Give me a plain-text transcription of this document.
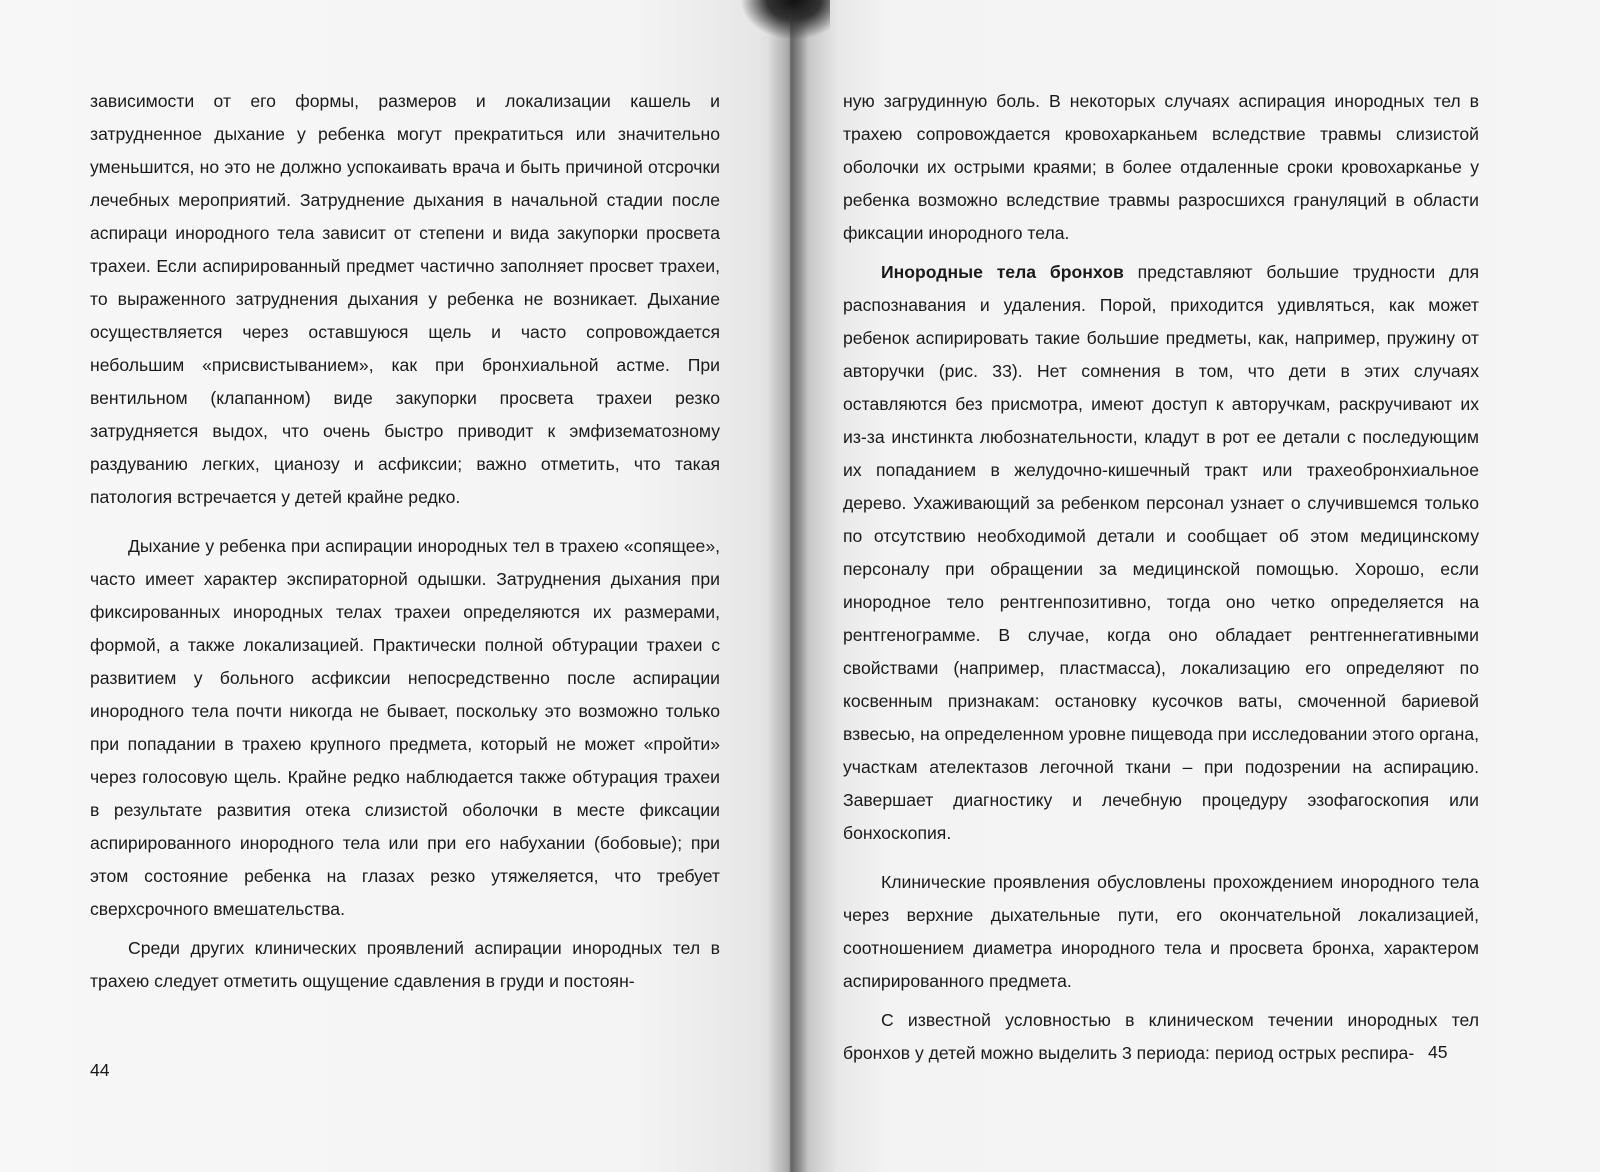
зависимости от его формы, размеров и локализации кашель и затрудненное дыхание у ребенка могут прекратиться или значительно уменьшится, но это не должно успокаивать врача и быть причиной отсрочки лечебных мероприятий. Затруднение дыхания в начальной стадии после аспираци инородного тела зависит от степени и вида закупорки просвета трахеи. Если аспирированный предмет частично заполняет просвет трахеи, то выраженного затруднения дыхания у ребенка не возникает. Дыхание осуществляется через оставшуюся щель и часто сопровождается небольшим «присвистыванием», как при бронхиальной астме. При вентильном (клапанном) виде закупорки просвета трахеи резко затрудняется выдох, что очень быстро приводит к эмфизематозному раздуванию легких, цианозу и асфиксии; важно отметить, что такая патология встречается у детей крайне редко.

Дыхание у ребенка при аспирации инородных тел в трахею «сопящее», часто имеет характер экспираторной одышки. Затруднения дыхания при фиксированных инородных телах трахеи определяются их размерами, формой, а также локализацией. Практически полной обтурации трахеи с развитием у больного асфиксии непосредственно после аспирации инородного тела почти никогда не бывает, поскольку это возможно только при попадании в трахею крупного предмета, который не может «пройти» через голосовую щель. Крайне редко наблюдается также обтурация трахеи в результате развития отека слизистой оболочки в месте фиксации аспирированного инородного тела или при его набухании (бобовые); при этом состояние ребенка на глазах резко утяжеляется, что требует сверхсрочного вмешательства.

Среди других клинических проявлений аспирации инородных тел в трахею следует отметить ощущение сдавления в груди и постоян-

44

ную загрудинную боль. В некоторых случаях аспирация инородных тел в трахею сопровождается кровохарканьем вследствие травмы слизистой оболочки их острыми краями; в более отдаленные сроки кровохарканье у ребенка возможно вследствие травмы разросшихся грануляций в области фиксации инородного тела.

Инородные тела бронхов представляют большие трудности для распознавания и удаления. Порой, приходится удивляться, как может ребенок аспирировать такие большие предметы, как, например, пружину от авторучки (рис. 33). Нет сомнения в том, что дети в этих случаях оставляются без присмотра, имеют доступ к авторучкам, раскручивают их из-за инстинкта любознательности, кладут в рот ее детали с последующим их попаданием в желудочно-кишечный тракт или трахеобронхиальное дерево. Ухаживающий за ребенком персонал узнает о случившемся только по отсутствию необходимой детали и сообщает об этом медицинскому персоналу при обращении за медицинской помощью. Хорошо, если инородное тело рентгенпозитивно, тогда оно четко определяется на рентгенограмме. В случае, когда оно обладает рентгеннегативными свойствами (например, пластмасса), локализацию его определяют по косвенным признакам: остановку кусочков ваты, смоченной бариевой взвесью, на определенном уровне пищевода при исследовании этого органа, участкам ателектазов легочной ткани – при подозрении на аспирацию. Завершает диагностику и лечебную процедуру эзофагоскопия или бонхоскопия.

Клинические проявления обусловлены прохождением инородного тела через верхние дыхательные пути, его окончательной локализацией, соотношением диаметра инородного тела и просвета бронха, характером аспирированного предмета.

С известной условностью в клиническом течении инородных тел бронхов у детей можно выделить 3 периода: период острых респира- 45
